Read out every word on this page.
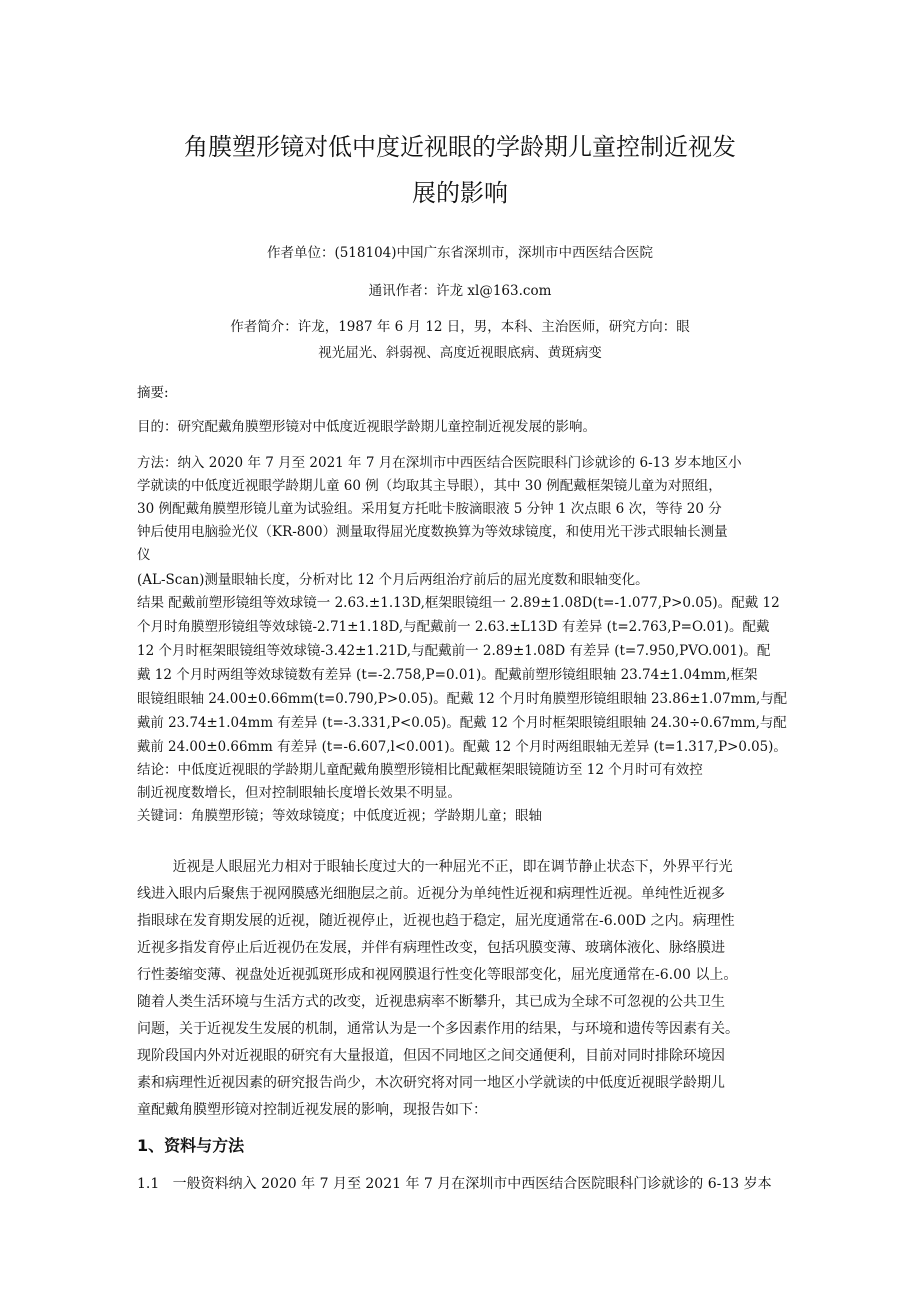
角膜塑形镜对低中度近视眼的学龄期儿童控制近视发
展的影响

作者单位：(518104)中国广东省深圳市，深圳市中西医结合医院

通讯作者：许龙 xl@163.com

作者简介：许龙，1987 年 6 月 12 日，男，本科、主治医师，研究方向：眼

视光屈光、斜弱视、高度近视眼底病、黄斑病变

摘要:

目的：研究配戴角膜塑形镜对中低度近视眼学龄期儿童控制近视发展的影响。

方法：纳入 2020 年 7 月至 2021 年 7 月在深圳市中西医结合医院眼科门诊就诊的 6-13 岁本地区小

学就读的中低度近视眼学龄期儿童 60 例（均取其主导眼），其中 30 例配戴框架镜儿童为对照组，

30 例配戴角膜塑形镜儿童为试验组。采用复方托吡卡胺滴眼液 5 分钟 1 次点眼 6 次，等待 20 分

钟后使用电脑验光仪（KR-800）测量取得屈光度数换算为等效球镜度，和使用光干涉式眼轴长测量

仪

(AL-Scan)测量眼轴长度，分析对比 12 个月后两组治疗前后的屈光度数和眼轴变化。

结果 配戴前塑形镜组等效球镜一 2.63.±1.13D,框架眼镜组一 2.89±1.08D(t=-1.077,P>0.05)。配戴 12

个月时角膜塑形镜组等效球镜-2.71±1.18D,与配戴前一 2.63.±L13D 有差异 (t=2.763,P=O.01)。配戴

12 个月时框架眼镜组等效球镜-3.42±1.21D,与配戴前一 2.89±1.08D 有差异 (t=7.950,PVO.001)。配

戴 12 个月时两组等效球镜数有差异 (t=-2.758,P=0.01)。配戴前塑形镜组眼轴 23.74±1.04mm,框架

眼镜组眼轴 24.00±0.66mm(t=0.790,P>0.05)。配戴 12 个月时角膜塑形镜组眼轴 23.86±1.07mm,与配

戴前 23.74±1.04mm 有差异 (t=-3.331,P<0.05)。配戴 12 个月时框架眼镜组眼轴 24.30÷0.67mm,与配

戴前 24.00±0.66mm 有差异 (t=-6.607,l<0.001)。配戴 12 个月时两组眼轴无差异 (t=1.317,P>0.05)。

结论：中低度近视眼的学龄期儿童配戴角膜塑形镜相比配戴框架眼镜随访至 12 个月时可有效控

制近视度数增长，但对控制眼轴长度增长效果不明显。

关键词：角膜塑形镜；等效球镜度；中低度近视；学龄期儿童；眼轴

近视是人眼屈光力相对于眼轴长度过大的一种屈光不正，即在调节静止状态下，外界平行光

线进入眼内后聚焦于视网膜感光细胞层之前。近视分为单纯性近视和病理性近视。单纯性近视多

指眼球在发育期发展的近视，随近视停止，近视也趋于稳定，屈光度通常在-6.00D 之内。病理性

近视多指发育停止后近视仍在发展，并伴有病理性改变，包括巩膜变薄、玻璃体液化、脉络膜进

行性萎缩变薄、视盘处近视弧斑形成和视网膜退行性变化等眼部变化，屈光度通常在-6.00 以上。

随着人类生活环境与生活方式的改变，近视患病率不断攀升，其已成为全球不可忽视的公共卫生

问题，关于近视发生发展的机制，通常认为是一个多因素作用的结果，与环境和遗传等因素有关。

现阶段国内外对近视眼的研究有大量报道，但因不同地区之间交通便利，目前对同时排除环境因

素和病理性近视因素的研究报告尚少，木次研究将对同一地区小学就读的中低度近视眼学龄期儿

童配戴角膜塑形镜对控制近视发展的影响，现报告如下：

1、资料与方法

1.1   一般资料纳入 2020 年 7 月至 2021 年 7 月在深圳市中西医结合医院眼科门诊就诊的 6-13 岁本
